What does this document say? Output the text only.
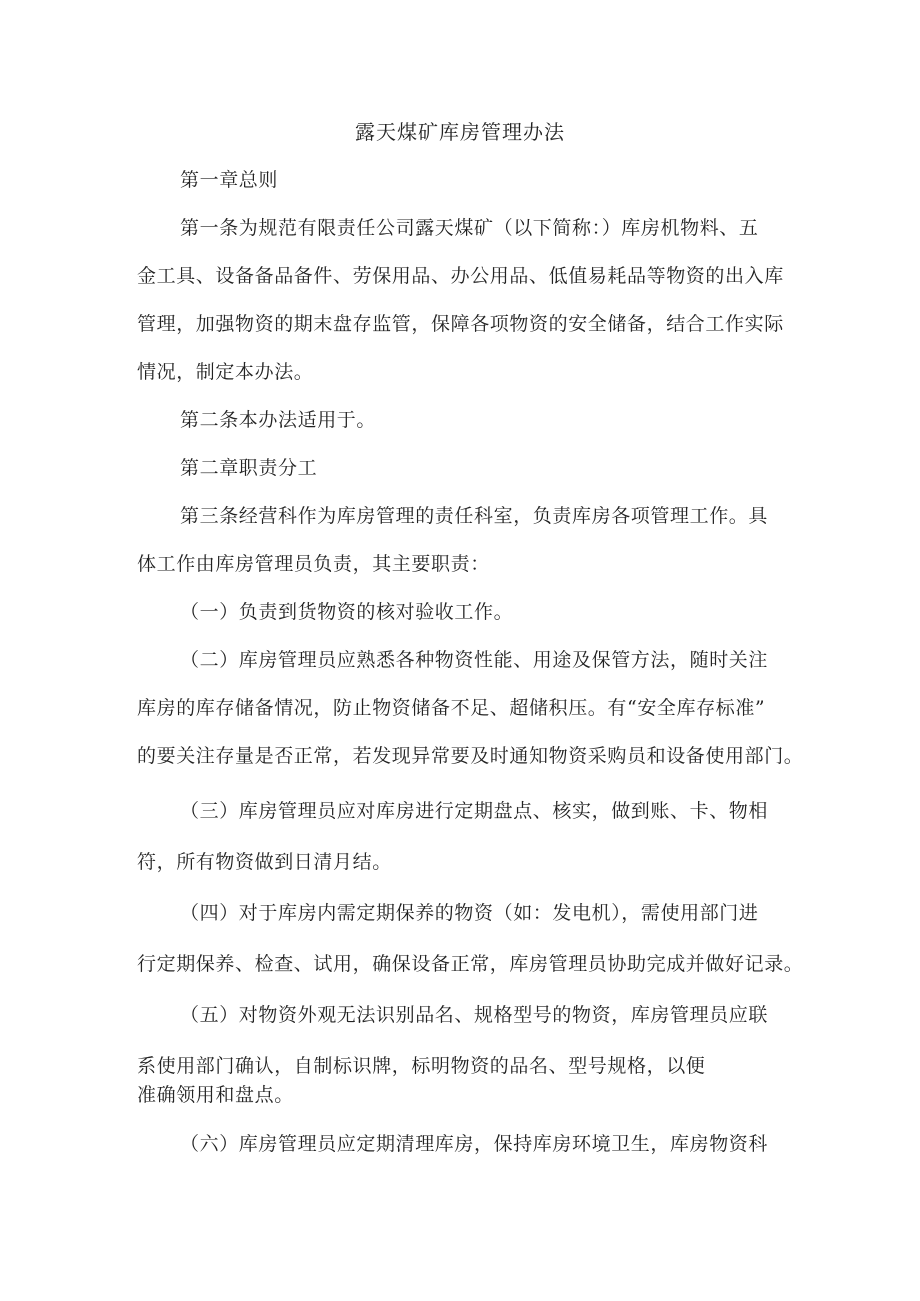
露天煤矿库房管理办法
第一章总则
第一条为规范有限责任公司露天煤矿（以下简称：）库房机物料、五
金工具、设备备品备件、劳保用品、办公用品、低值易耗品等物资的出入库
管理，加强物资的期末盘存监管，保障各项物资的安全储备，结合工作实际
情况，制定本办法。
第二条本办法适用于。
第二章职责分工
第三条经营科作为库房管理的责任科室，负责库房各项管理工作。具
体工作由库房管理员负责，其主要职责：
（一）负责到货物资的核对验收工作。
（二）库房管理员应熟悉各种物资性能、用途及保管方法，随时关注
库房的库存储备情况，防止物资储备不足、超储积压。有“安全库存标准”
的要关注存量是否正常，若发现异常要及时通知物资采购员和设备使用部门。
（三）库房管理员应对库房进行定期盘点、核实，做到账、卡、物相
符，所有物资做到日清月结。
（四）对于库房内需定期保养的物资（如：发电机），需使用部门进
行定期保养、检查、试用，确保设备正常，库房管理员协助完成并做好记录。
（五）对物资外观无法识别品名、规格型号的物资，库房管理员应联
系使用部门确认，自制标识牌，标明物资的品名、型号规格，以便
准确领用和盘点。
（六）库房管理员应定期清理库房，保持库房环境卫生，库房物资科
